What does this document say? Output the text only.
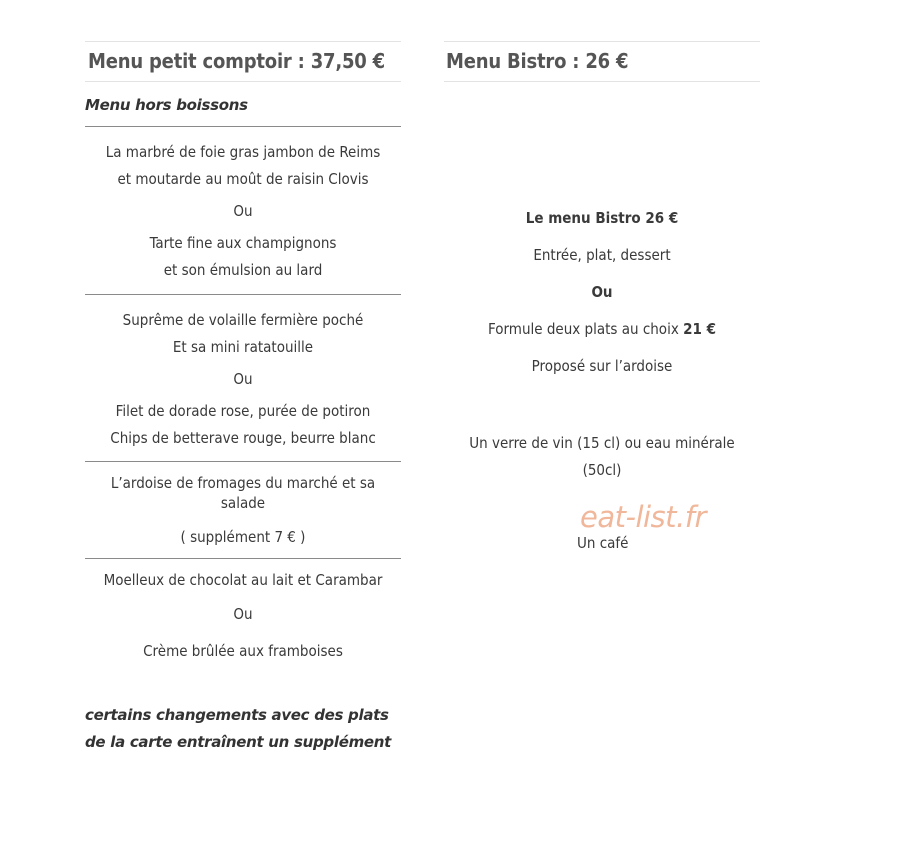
Menu petit comptoir : 37,50 €
Menu hors boissons
La marbré de foie gras jambon de Reims
et moutarde au moût de raisin Clovis
Ou
Tarte fine aux champignons
et son émulsion au lard
Suprême de volaille fermière poché
Et sa mini ratatouille
Ou
Filet de dorade rose, purée de potiron
Chips de betterave rouge, beurre blanc
L’ardoise de fromages du marché et sa
salade
( supplément 7 € )
Moelleux de chocolat au lait et Carambar
Ou
Crème brûlée aux framboises
certains changements avec des plats
de la carte entraînent un supplément
Menu Bistro : 26 €
Le menu Bistro 26 €
Entrée, plat, dessert
Ou
Formule deux plats au choix 21 €
Proposé sur l’ardoise
Un verre de vin (15 cl) ou eau minérale
(50cl)
eat-list.fr
Un café
